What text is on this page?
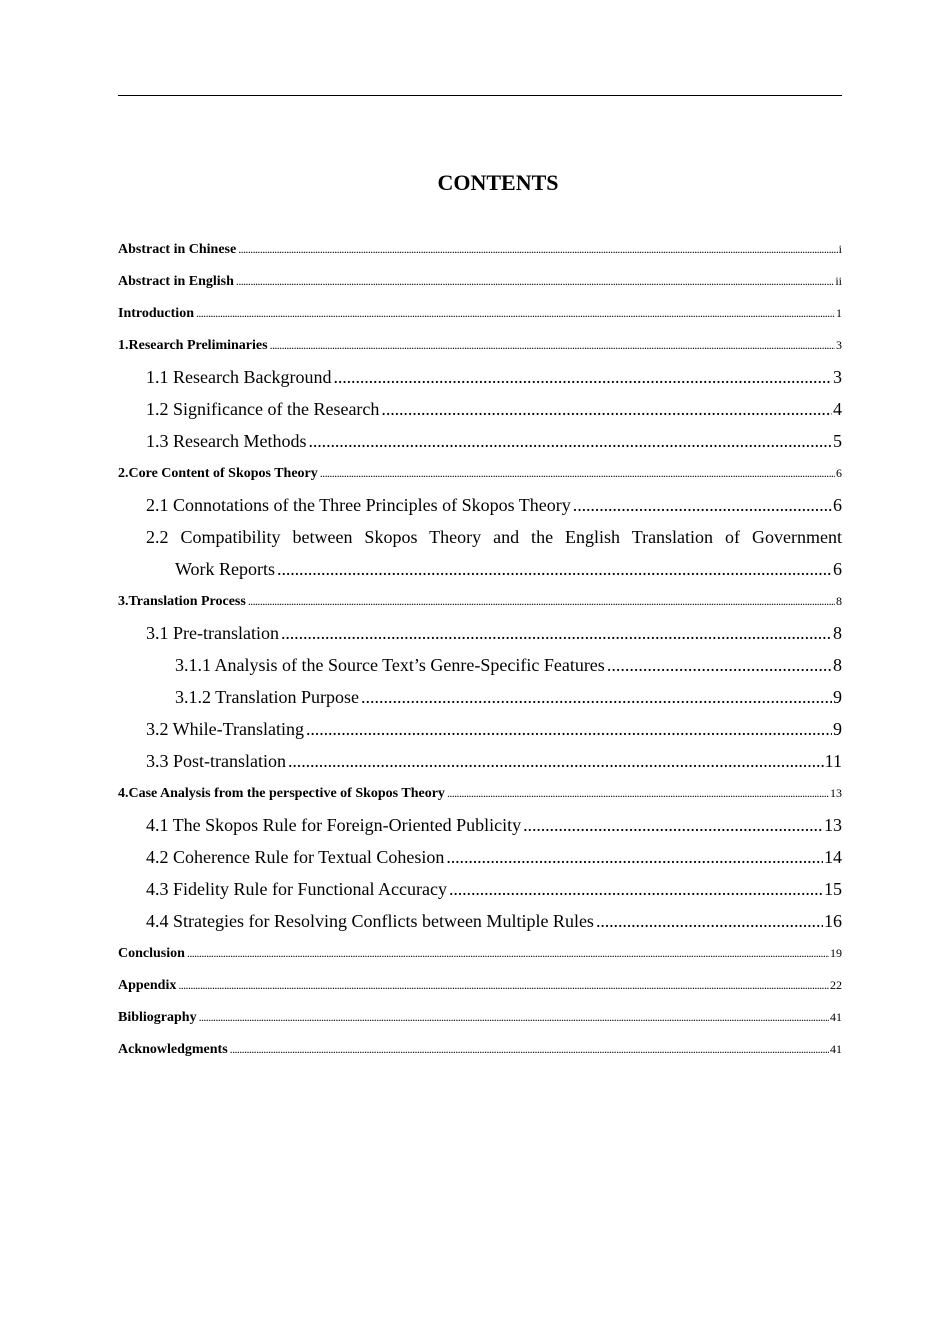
CONTENTS
Abstract in Chinese .....	i
Abstract in English .....	ii
Introduction .....	1
1.Research Preliminaries .....	3
1.1 Research Background .....	3
1.2 Significance of the Research .....	4
1.3 Research Methods .....	5
2.Core Content of Skopos Theory .....	6
2.1 Connotations of the Three Principles of Skopos Theory .....	6
2.2 Compatibility between Skopos Theory and the English Translation of Government
Work Reports .....	6
3.Translation Process .....	8
3.1 Pre-translation .....	8
3.1.1 Analysis of the Source Text’s Genre-Specific Features .....	8
3.1.2 Translation Purpose .....	9
3.2 While-Translating .....	9
3.3 Post-translation .....	11
4.Case Analysis from the perspective of Skopos Theory .....	13
4.1 The Skopos Rule for Foreign-Oriented Publicity .....	13
4.2 Coherence Rule for Textual Cohesion .....	14
4.3 Fidelity Rule for Functional Accuracy .....	15
4.4 Strategies for Resolving Conflicts between Multiple Rules .....	16
Conclusion .....	19
Appendix .....	22
Bibliography .....	41
Acknowledgments .....	41
